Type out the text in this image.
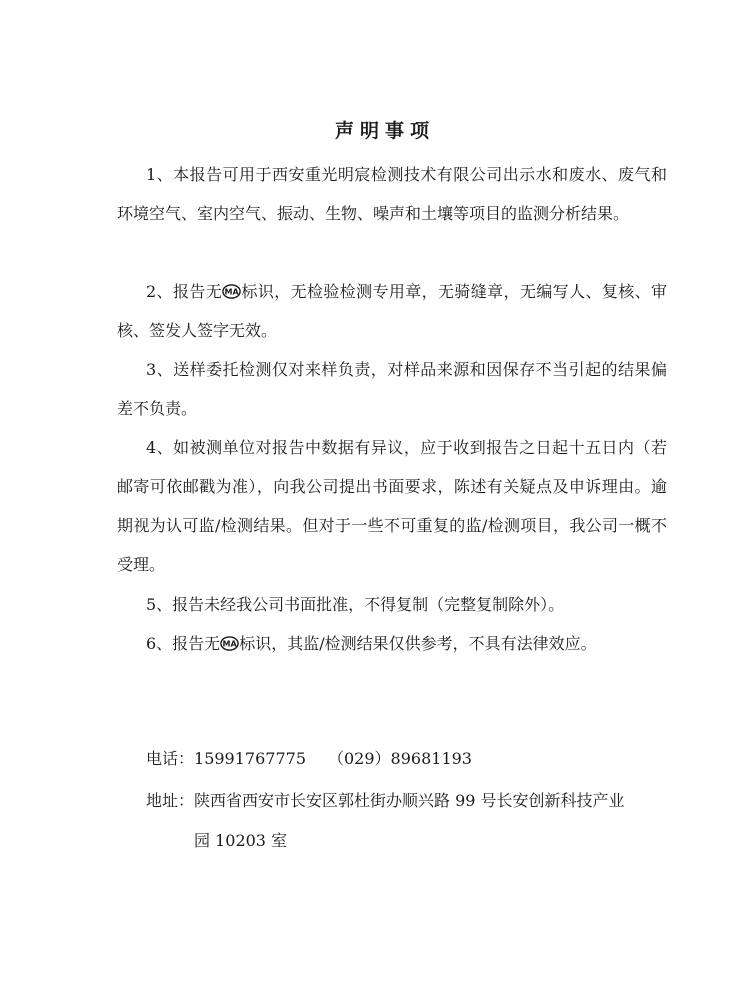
声明事项

1、本报告可用于西安重光明宸检测技术有限公司出示水和废水、废气和环境空气、室内空气、振动、生物、噪声和土壤等项目的监测分析结果。

2、报告无 MA 标识，无检验检测专用章，无骑缝章，无编写人、复核、审核、签发人签字无效。

3、送样委托检测仅对来样负责，对样品来源和因保存不当引起的结果偏差不负责。

4、如被测单位对报告中数据有异议，应于收到报告之日起十五日内（若邮寄可依邮戳为准），向我公司提出书面要求，陈述有关疑点及申诉理由。逾期视为认可监/检测结果。但对于一些不可重复的监/检测项目，我公司一概不受理。

5、报告未经我公司书面批准，不得复制（完整复制除外）。

6、报告无 MA 标识，其监/检测结果仅供参考，不具有法律效应。

电话：15991767775 （029）89681193
地址：陕西省西安市长安区郭杜街办顺兴路 99 号长安创新科技产业
园 10203 室
